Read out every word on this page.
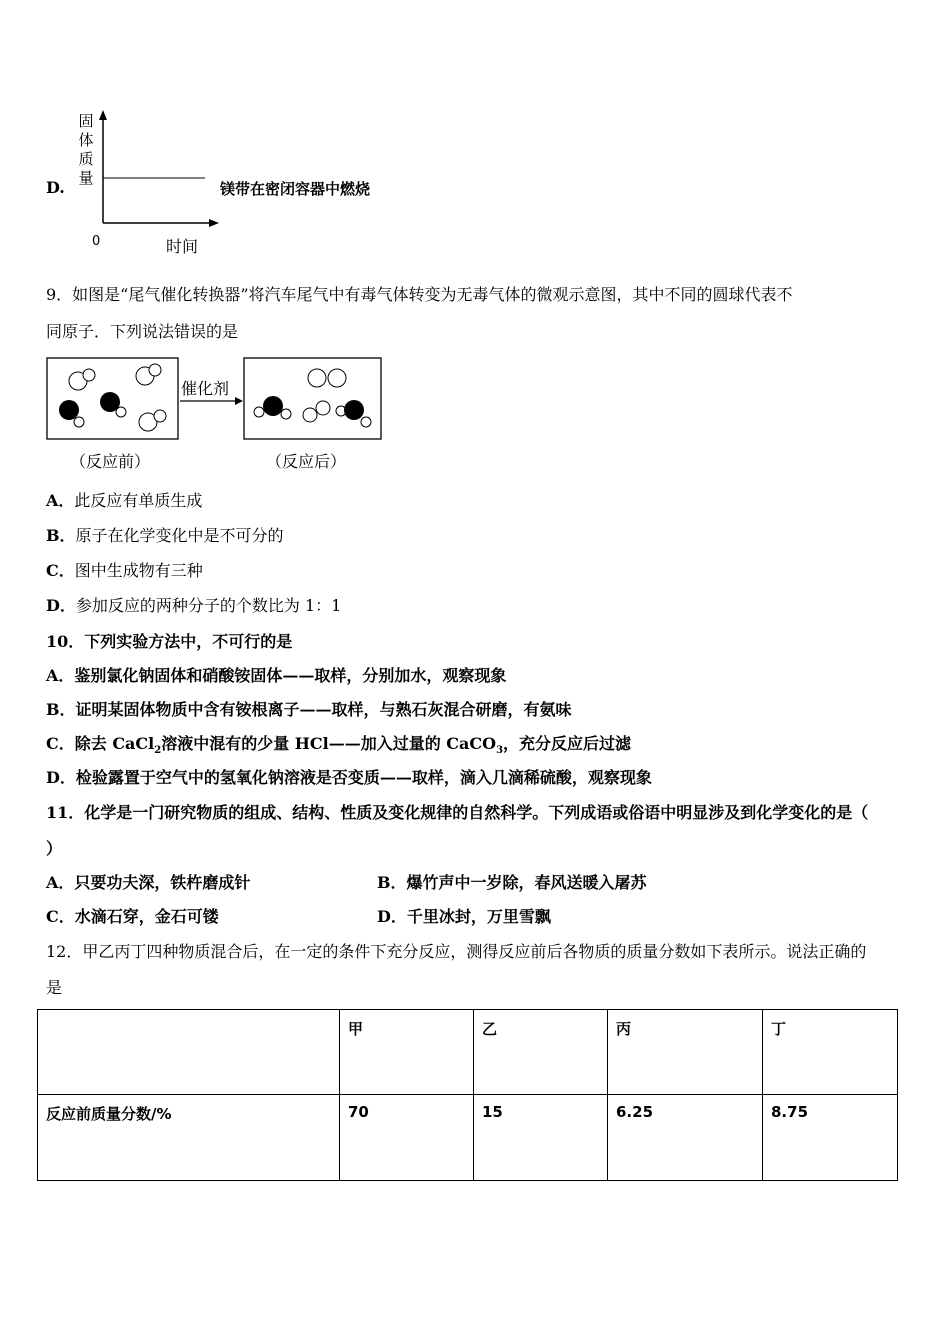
D.
固
体
质
量
0	时间
镁带在密闭容器中燃烧
9．如图是“尾气催化转换器”将汽车尾气中有毒气体转变为无毒气体的微观示意图，其中不同的圆球代表不
同原子．下列说法错误的是
催化剂
（反应前）	（反应后）
A．此反应有单质生成
B．原子在化学变化中是不可分的
C．图中生成物有三种
D．参加反应的两种分子的个数比为 1：1
10．下列实验方法中，不可行的是
A．鉴别氯化钠固体和硝酸铵固体——取样，分别加水，观察现象
B．证明某固体物质中含有铵根离子——取样，与熟石灰混合研磨，有氨味
C．除去 CaCl$_2$溶液中混有的少量 HCl——加入过量的 CaCO$_3$，充分反应后过滤
D．检验露置于空气中的氢氧化钠溶液是否变质——取样，滴入几滴稀硫酸，观察现象
11．化学是一门研究物质的组成、结构、性质及变化规律的自然科学。下列成语或俗语中明显涉及到化学变化的是（
）
A．只要功夫深，铁杵磨成针	B．爆竹声中一岁除，春风送暖入屠苏
C．水滴石穿，金石可镂	D．千里冰封，万里雪飘
12．甲乙丙丁四种物质混合后，在一定的条件下充分反应，测得反应前后各物质的质量分数如下表所示。说法正确的
是
	甲	乙	丙	丁
反应前质量分数/%	70	15	6.25	8.75
